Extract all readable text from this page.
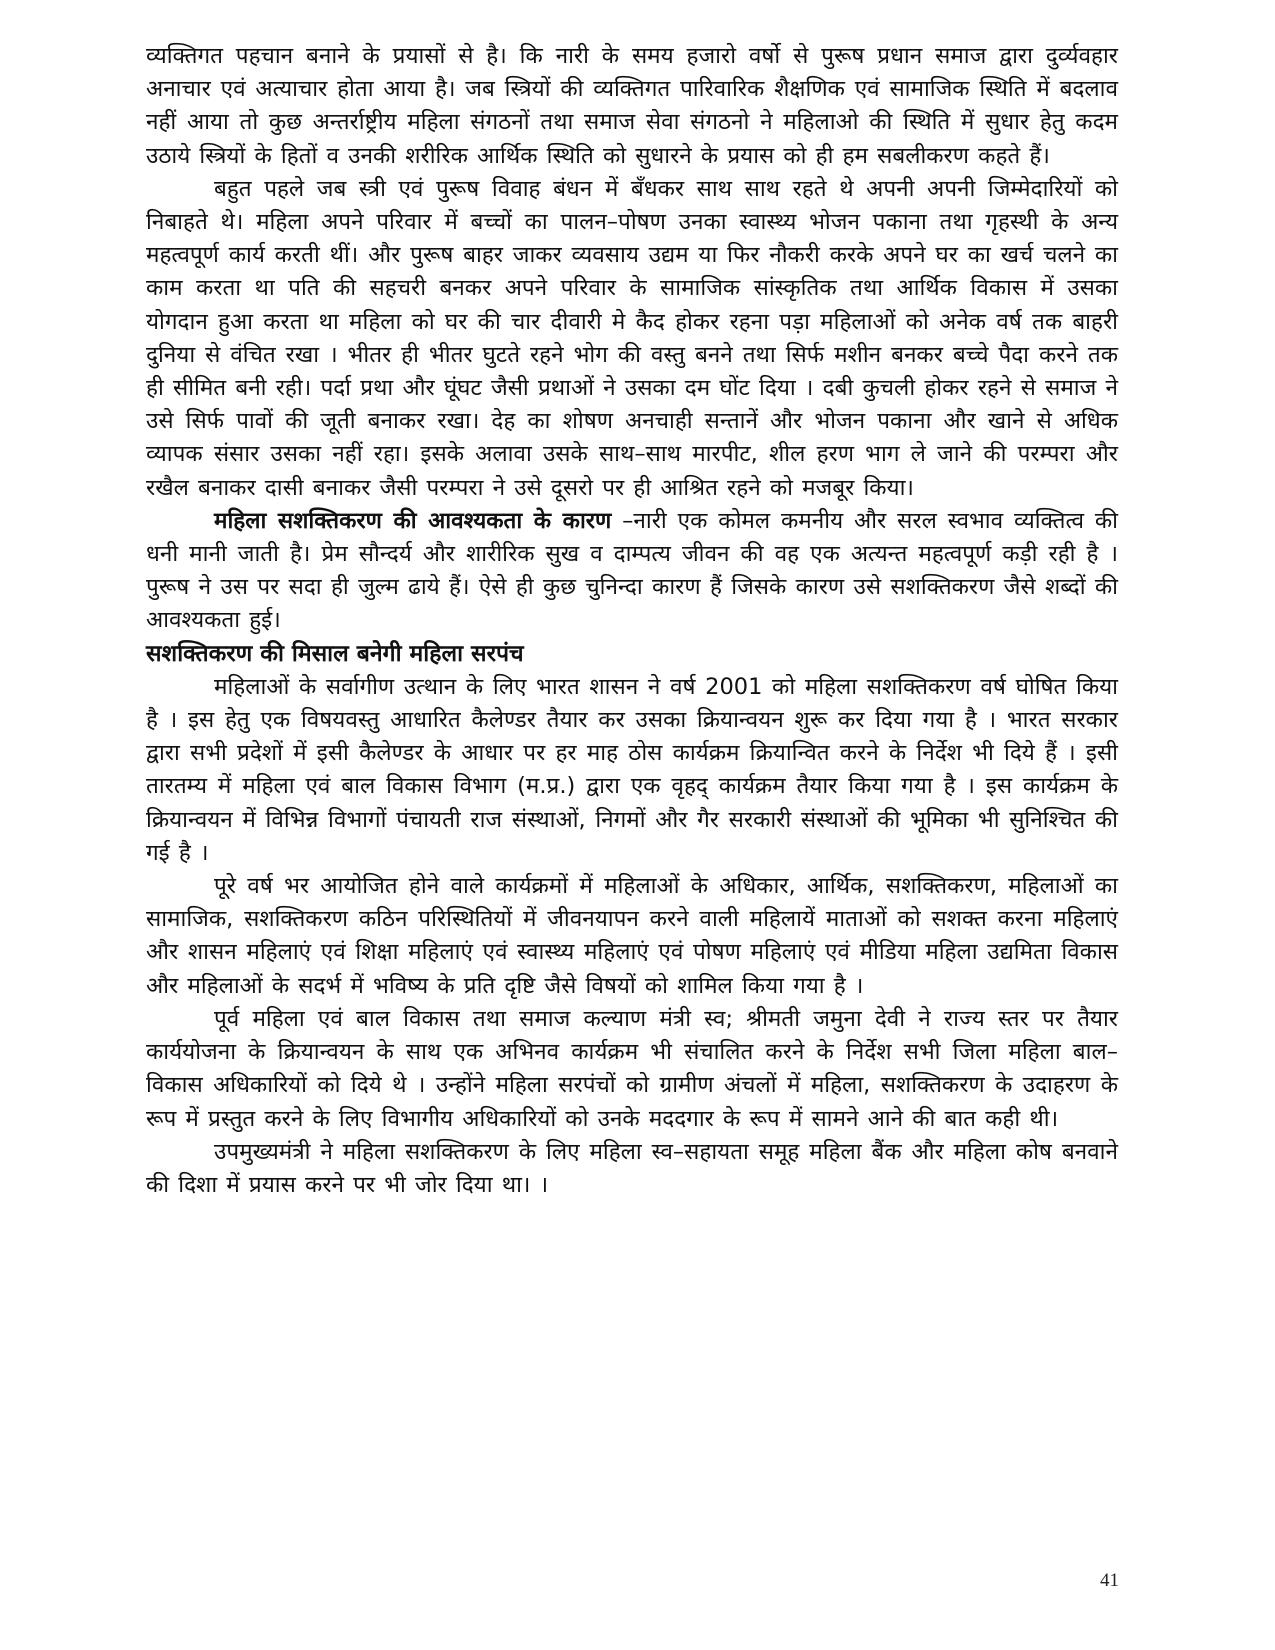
व्यक्तिगत पहचान बनाने के प्रयासों से है। कि नारी के समय हजारो वर्षो से पुरूष प्रधान समाज द्वारा दुर्व्यवहार अनाचार एवं अत्याचार होता आया है। जब स्त्रियों की व्यक्तिगत पारिवारिक शैक्षणिक एवं सामाजिक स्थिति में बदलाव नहीं आया तो कुछ अन्तर्राष्ट्रीय महिला संगठनों तथा समाज सेवा संगठनो ने महिलाओ की स्थिति में सुधार हेतु कदम उठाये स्त्रियों के हितों व उनकी शरीरिक आर्थिक स्थिति को सुधारने के प्रयास को ही हम सबलीकरण कहते हैं।

बहुत पहले जब स्त्री एवं पुरूष विवाह बंधन में बँधकर साथ साथ रहते थे अपनी अपनी जिम्मेदारियों को निबाहते थे। महिला अपने परिवार में बच्चों का पालन–पोषण उनका स्वास्थ्य भोजन पकाना तथा गृहस्थी के अन्य महत्वपूर्ण कार्य करती थीं। और पुरूष बाहर जाकर व्यवसाय उद्यम या फिर नौकरी करके अपने घर का खर्च चलने का काम करता था पति की सहचरी बनकर अपने परिवार के सामाजिक सांस्कृतिक तथा आर्थिक विकास में उसका योगदान हुआ करता था महिला को घर की चार दीवारी मे कैद होकर रहना पड़ा महिलाओं को अनेक वर्ष तक बाहरी दुनिया से वंचित रखा । भीतर ही भीतर घुटते रहने भोग की वस्तु बनने तथा सिर्फ मशीन बनकर बच्चे पैदा करने तक ही सीमित बनी रही। पर्दा प्रथा और घूंघट जैसी प्रथाओं ने उसका दम घोंट दिया । दबी कुचली होकर रहने से समाज ने उसे सिर्फ पावों की जूती बनाकर रखा। देह का शोषण अनचाही सन्तानें और भोजन पकाना और खाने से अधिक व्यापक संसार उसका नहीं रहा। इसके अलावा उसके साथ–साथ मारपीट, शील हरण भाग ले जाने की परम्परा और रखैल बनाकर दासी बनाकर जैसी परम्परा ने उसे दूसरो पर ही आश्रित रहने को मजबूर किया।

महिला सशक्तिकरण की आवश्यकता के कारण –नारी एक कोमल कमनीय और सरल स्वभाव व्यक्तित्व की धनी मानी जाती है। प्रेम सौन्दर्य और शारीरिक सुख व दाम्पत्य जीवन की वह एक अत्यन्त महत्वपूर्ण कड़ी रही है । पुरूष ने उस पर सदा ही जुल्म ढाये हैं। ऐसे ही कुछ चुनिन्दा कारण हैं जिसके कारण उसे सशक्तिकरण जैसे शब्दों की आवश्यकता हुई।

सशक्तिकरण की मिसाल बनेगी महिला सरपंच

महिलाओं के सर्वागीण उत्थान के लिए भारत शासन ने वर्ष 2001 को महिला सशक्तिकरण वर्ष घोषित किया है । इस हेतु एक विषयवस्तु आधारित कैलेण्डर तैयार कर उसका क्रियान्वयन शुरू कर दिया गया है । भारत सरकार द्वारा सभी प्रदेशों में इसी कैलेण्डर के आधार पर हर माह ठोस कार्यक्रम क्रियान्वित करने के निर्देश भी दिये हैं । इसी तारतम्य में महिला एवं बाल विकास विभाग (म.प्र.) द्वारा एक वृहद् कार्यक्रम तैयार किया गया है । इस कार्यक्रम के क्रियान्वयन में विभिन्न विभागों पंचायती राज संस्थाओं, निगमों और गैर सरकारी संस्थाओं की भूमिका भी सुनिश्चित की गई है ।

पूरे वर्ष भर आयोजित होने वाले कार्यक्रमों में महिलाओं के अधिकार, आर्थिक, सशक्तिकरण, महिलाओं का सामाजिक, सशक्तिकरण कठिन परिस्थितियों में जीवनयापन करने वाली महिलायें माताओं को सशक्त करना महिलाएं और शासन महिलाएं एवं शिक्षा महिलाएं एवं स्वास्थ्य महिलाएं एवं पोषण महिलाएं एवं मीडिया महिला उद्यमिता विकास और महिलाओं के सदर्भ में भविष्य के प्रति दृष्टि जैसे विषयों को शामिल किया गया है ।

पूर्व महिला एवं बाल विकास तथा समाज कल्याण मंत्री स्व; श्रीमती जमुना देवी ने राज्य स्तर पर तैयार कार्ययोजना के क्रियान्वयन के साथ एक अभिनव कार्यक्रम भी संचालित करने के निर्देश सभी जिला महिला बाल–विकास अधिकारियों को दिये थे । उन्होंने महिला सरपंचों को ग्रामीण अंचलों में महिला, सशक्तिकरण के उदाहरण के रूप में प्रस्तुत करने के लिए विभागीय अधिकारियों को उनके मददगार के रूप में सामने आने की बात कही थी।

उपमुख्यमंत्री ने महिला सशक्तिकरण के लिए महिला स्व–सहायता समूह महिला बैंक और महिला कोष बनवाने की दिशा में प्रयास करने पर भी जोर दिया था। ।

41
